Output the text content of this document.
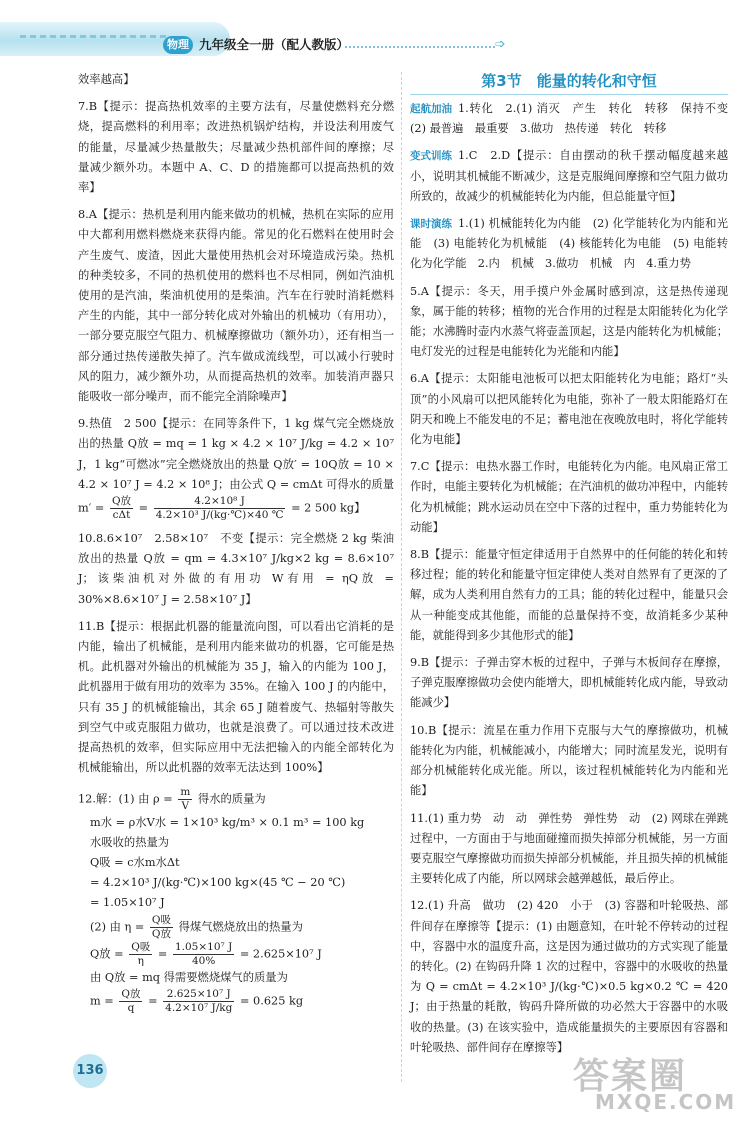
物理 九年级全一册（配人教版）	➩

效率越高】

7.B【提示：提高热机效率的主要方法有，尽量使燃料充分燃烧，提高燃料的利用率；改进热机锅炉结构，并设法利用废气的能量，尽量减少热量散失；尽量减少热机部件间的摩擦；尽量减少额外功。本题中 A、C、D 的措施都可以提高热机的效率】

8.A【提示：热机是利用内能来做功的机械，热机在实际的应用中大都利用燃料燃烧来获得内能。常见的化石燃料在使用时会产生废气、废渣，因此大量使用热机会对环境造成污染。热机的种类较多，不同的热机使用的燃料也不尽相同，例如汽油机使用的是汽油，柴油机使用的是柴油。汽车在行驶时消耗燃料产生的内能，其中一部分转化成对外输出的机械功（有用功），一部分要克服空气阻力、机械摩擦做功（额外功），还有相当一部分通过热传递散失掉了。汽车做成流线型，可以减小行驶时风的阻力，减少额外功，从而提高热机的效率。加装消声器只能吸收一部分噪声，而不能完全消除噪声】

9.热值　2 500【提示：在同等条件下，1 kg 煤气完全燃烧放出的热量 Q放 = mq = 1 kg × 4.2 × 10⁷ J/kg = 4.2 × 10⁷ J，1 kg“可燃冰”完全燃烧放出的热量 Q放′ = 10Q放 = 10 × 4.2 × 10⁷ J = 4.2 × 10⁸ J；由公式 Q = cmΔt 可得水的质量 $m' = \frac{\text{Q放}}{\text{cΔt}} = \frac{\text{4.2×10⁸ J}}{\text{4.2×10³ J/(kg·℃)×40 ℃}} = 2$ 500 kg】

10.8.6×10⁷　2.58×10⁷　不变【提示：完全燃烧 2 kg 柴油放出的热量 Q放 = qm = 4.3×10⁷ J/kg×2 kg = 8.6×10⁷ J；该柴油机对外做的有用功 W有用 = ηQ放 = 30%×8.6×10⁷ J = 2.58×10⁷ J】

11.B【提示：根据此机器的能量流向图，可以看出它消耗的是内能，输出了机械能，是利用内能来做功的机器，它可能是热机。此机器对外输出的机械能为 35 J，输入的内能为 100 J，此机器用于做有用功的效率为 35%。在输入 100 J 的内能中，只有 35 J 的机械能输出，其余 65 J 随着废气、热辐射等散失到空气中或克服阻力做功，也就是浪费了。可以通过技术改进提高热机的效率，但实际应用中无法把输入的内能全部转化为机械能输出，所以此机器的效率无法达到 100%】

12.解：(1) 由 $\rho = \frac{m}{V}$ 得水的质量为

m水 = ρ水V水 = 1×10³ kg/m³ × 0.1 m³ = 100 kg

水吸收的热量为

Q吸 = c水m水Δt

= 4.2×10³ J/(kg·℃)×100 kg×(45 ℃ − 20 ℃)

= 1.05×10⁷ J

(2) 由 $\eta = \frac{\text{Q吸}}{\text{Q放}}$ 得煤气燃烧放出的热量为

Q放 = $\frac{\text{Q吸}}{\eta} = \frac{\text{1.05×10⁷ J}}{40\%} = 2.625\times 10^7$ J

由 Q放 = mq 得需要燃烧煤气的质量为

$m = \frac{\text{Q放}}{q} = \frac{\text{2.625×10⁷ J}}{\text{4.2×10⁷ J/kg}} = 0.625$ kg

第3节　能量的转化和守恒

起航加油 1.转化　2.(1) 消灭　产生　转化　转移　保持不变　(2) 最普遍　最重要　3.做功　热传递　转化　转移

变式训练 1.C　2.D【提示：自由摆动的秋千摆动幅度越来越小，说明其机械能不断减少，这是克服绳间摩擦和空气阻力做功所致的，故减少的机械能转化为内能，但总能量守恒】

课时演练 1.(1) 机械能转化为内能　(2) 化学能转化为内能和光能　(3) 电能转化为机械能　(4) 核能转化为电能　(5) 电能转化为化学能　2.内　机械　3.做功　机械　内　4.重力势

5.A【提示：冬天，用手摸户外金属时感到凉，这是热传递现象，属于能的转移；植物的光合作用的过程是太阳能转化为化学能；水沸腾时壶内水蒸气将壶盖顶起，这是内能转化为机械能；电灯发光的过程是电能转化为光能和内能】

6.A【提示：太阳能电池板可以把太阳能转化为电能；路灯“头顶”的小风扇可以把风能转化为电能，弥补了一般太阳能路灯在阴天和晚上不能发电的不足；蓄电池在夜晚放电时，将化学能转化为电能】

7.C【提示：电热水器工作时，电能转化为内能。电风扇正常工作时，电能主要转化为机械能；在汽油机的做功冲程中，内能转化为机械能；跳水运动员在空中下落的过程中，重力势能转化为动能】

8.B【提示：能量守恒定律适用于自然界中的任何能的转化和转移过程；能的转化和能量守恒定律使人类对自然界有了更深的了解，成为人类利用自然有力的工具；能的转化过程中，能量只会从一种能变成其他能，而能的总量保持不变，故消耗多少某种能，就能得到多少其他形式的能】

9.B【提示：子弹击穿木板的过程中，子弹与木板间存在摩擦，子弹克服摩擦做功会使内能增大，即机械能转化成内能，导致动能减少】

10.B【提示：流星在重力作用下克服与大气的摩擦做功，机械能转化为内能，机械能减小，内能增大；同时流星发光，说明有部分机械能转化成光能。所以，该过程机械能转化为内能和光能】

11.(1) 重力势　动　动　弹性势　弹性势　动　(2) 网球在弹跳过程中，一方面由于与地面碰撞而损失掉部分机械能，另一方面要克服空气摩擦做功而损失掉部分机械能，并且损失掉的机械能主要转化成了内能，所以网球会越弹越低，最后停止。

12.(1) 升高　做功　(2) 420　小于　(3) 容器和叶轮吸热、部件间存在摩擦等【提示：(1) 由题意知，在叶轮不停转动的过程中，容器中水的温度升高，这是因为通过做功的方式实现了能量的转化。(2) 在钩码升降 1 次的过程中，容器中的水吸收的热量为 Q = cmΔt = 4.2×10³ J/(kg·℃)×0.5 kg×0.2 ℃ = 420 J；由于热量的耗散，钩码升降所做的功必然大于容器中的水吸收的热量。(3) 在该实验中，造成能量损失的主要原因有容器和叶轮吸热、部件间存在摩擦等】

136	答案圈
MXQE.COM
